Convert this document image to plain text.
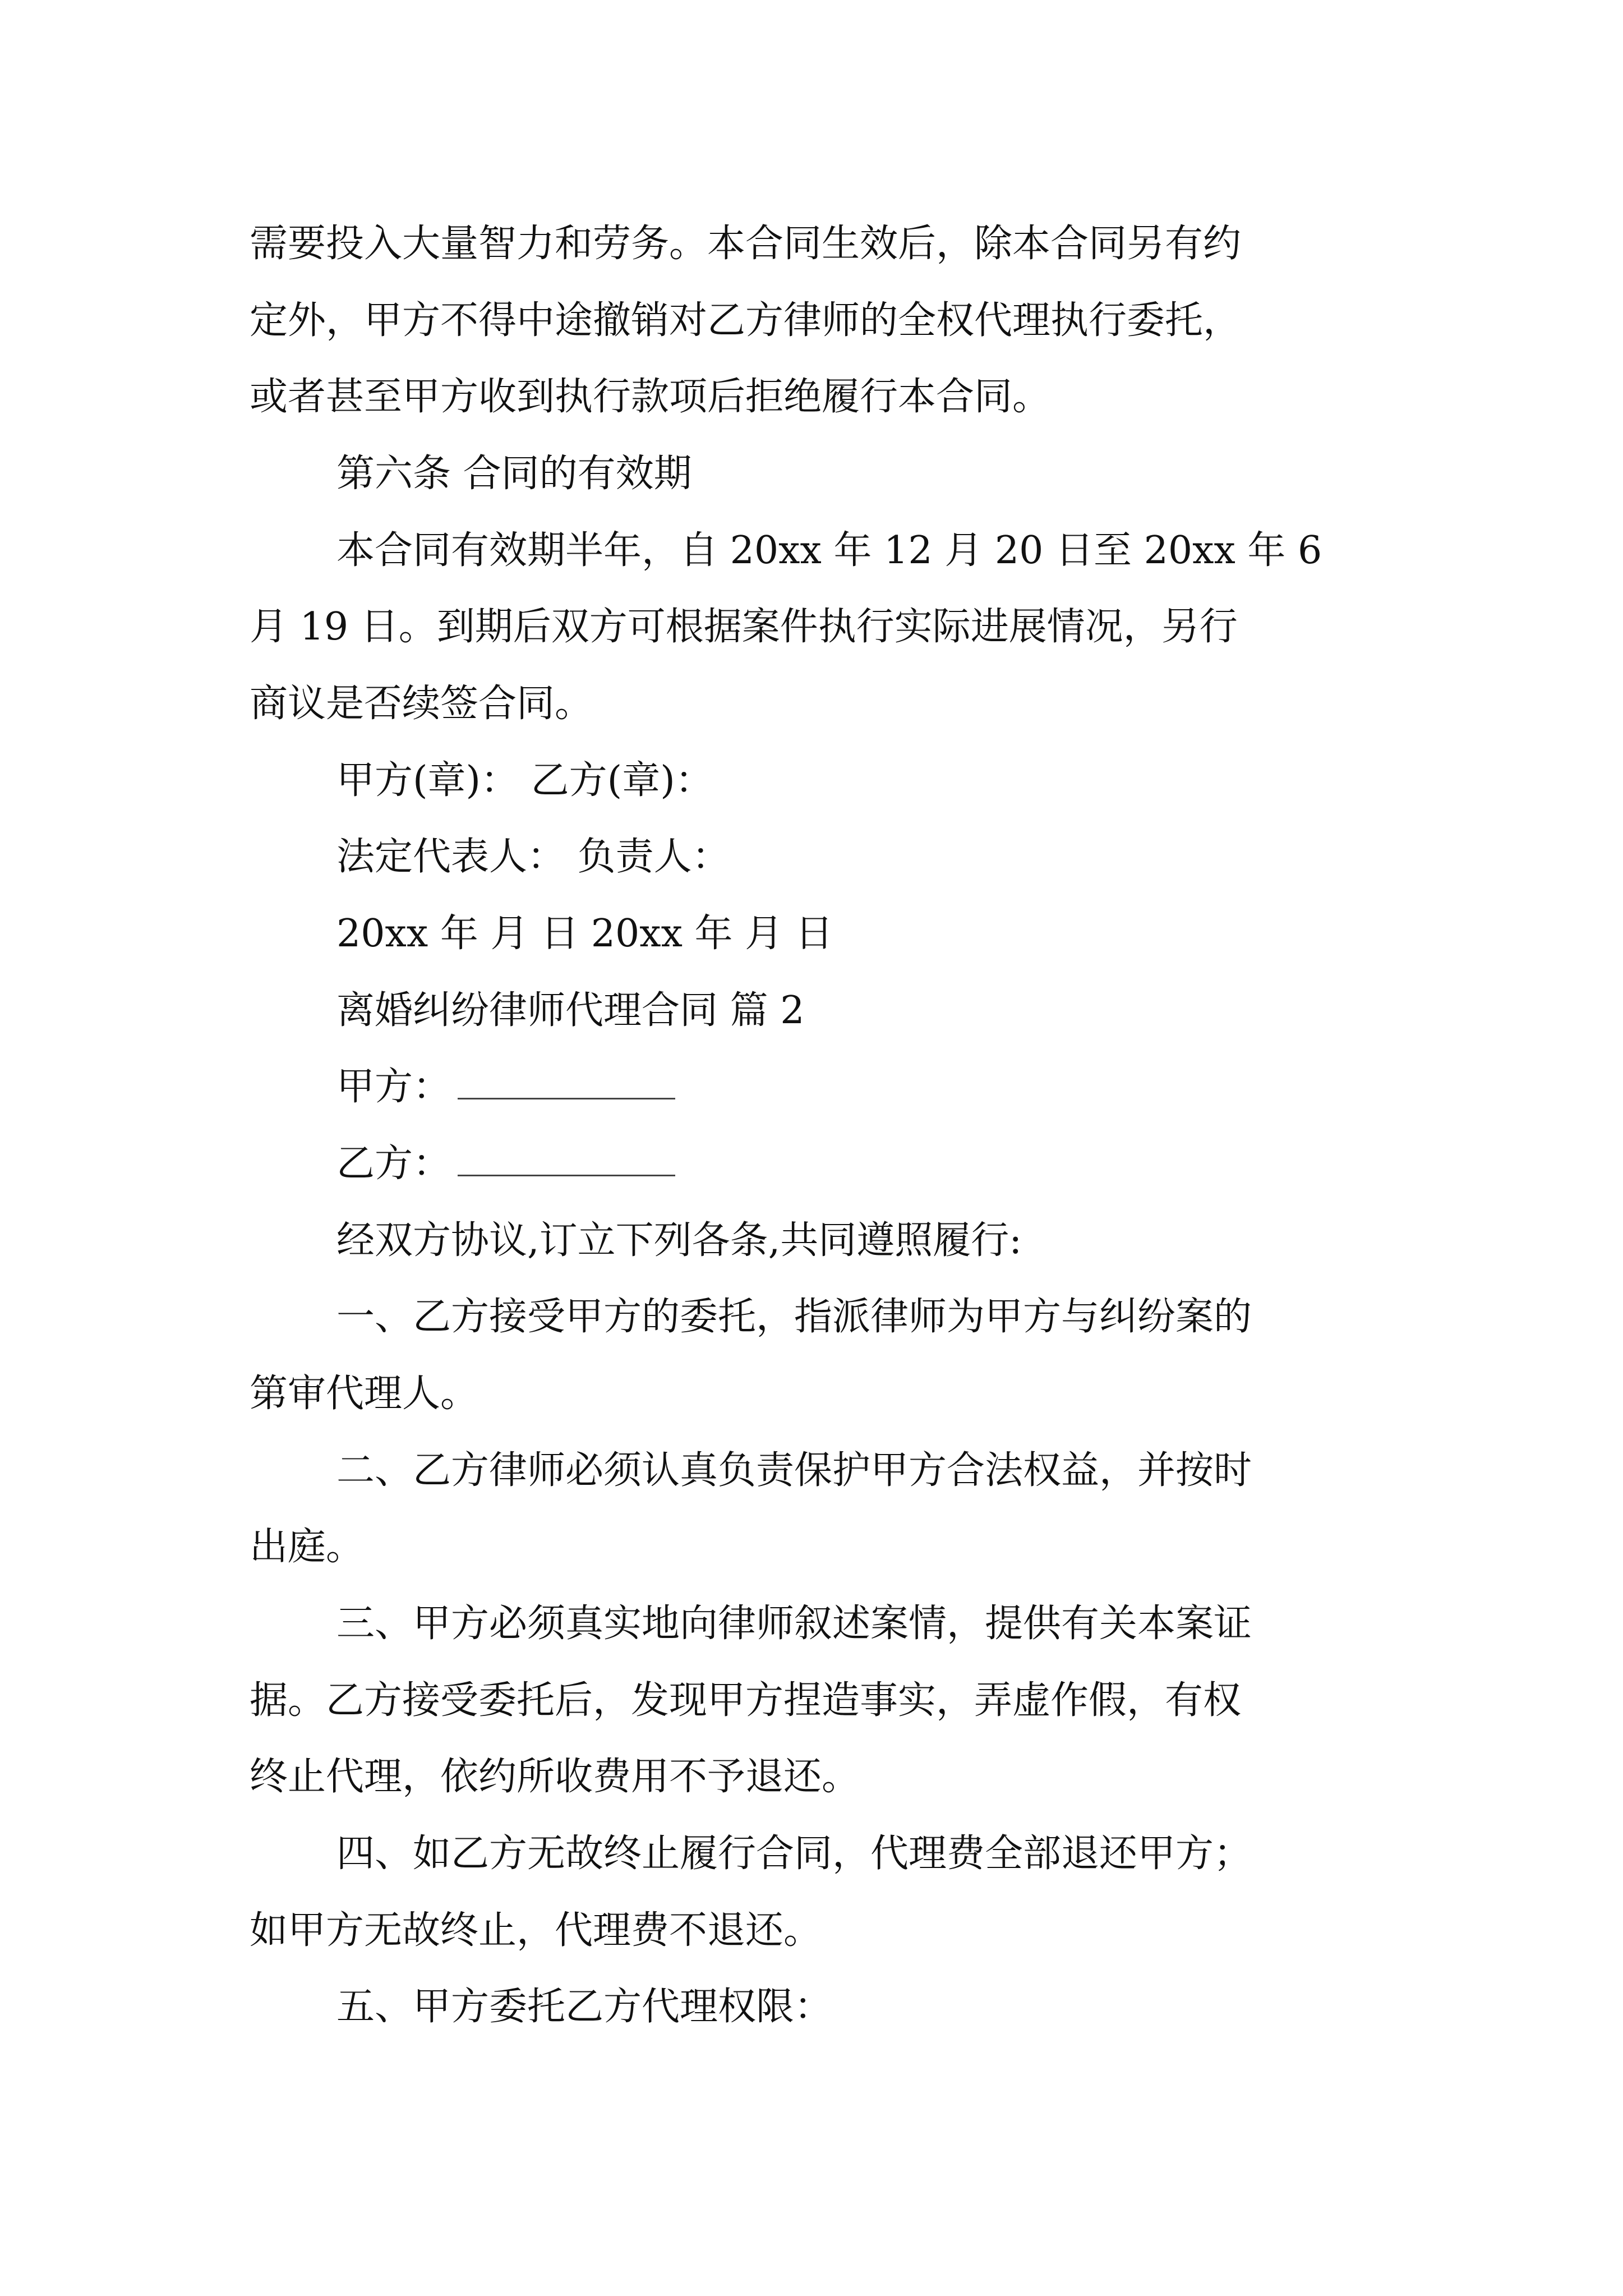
需要投入大量智力和劳务。本合同生效后，除本合同另有约

定外，甲方不得中途撤销对乙方律师的全权代理执行委托，

或者甚至甲方收到执行款项后拒绝履行本合同。

第六条 合同的有效期

本合同有效期半年，自 20xx 年 12 月 20 日至 20xx 年 6

月 19 日。到期后双方可根据案件执行实际进展情况，另行

商议是否续签合同。

甲方(章)： 乙方(章)：

法定代表人： 负责人：

20xx 年 月 日 20xx 年 月 日

离婚纠纷律师代理合同 篇 2

甲方：

乙方：

经双方协议,订立下列各条,共同遵照履行:

一、乙方接受甲方的委托，指派律师为甲方与纠纷案的

第审代理人。

二、乙方律师必须认真负责保护甲方合法权益，并按时

出庭。

三、甲方必须真实地向律师叙述案情，提供有关本案证

据。乙方接受委托后，发现甲方捏造事实，弄虚作假，有权

终止代理，依约所收费用不予退还。

四、如乙方无故终止履行合同，代理费全部退还甲方；

如甲方无故终止，代理费不退还。

五、甲方委托乙方代理权限：
